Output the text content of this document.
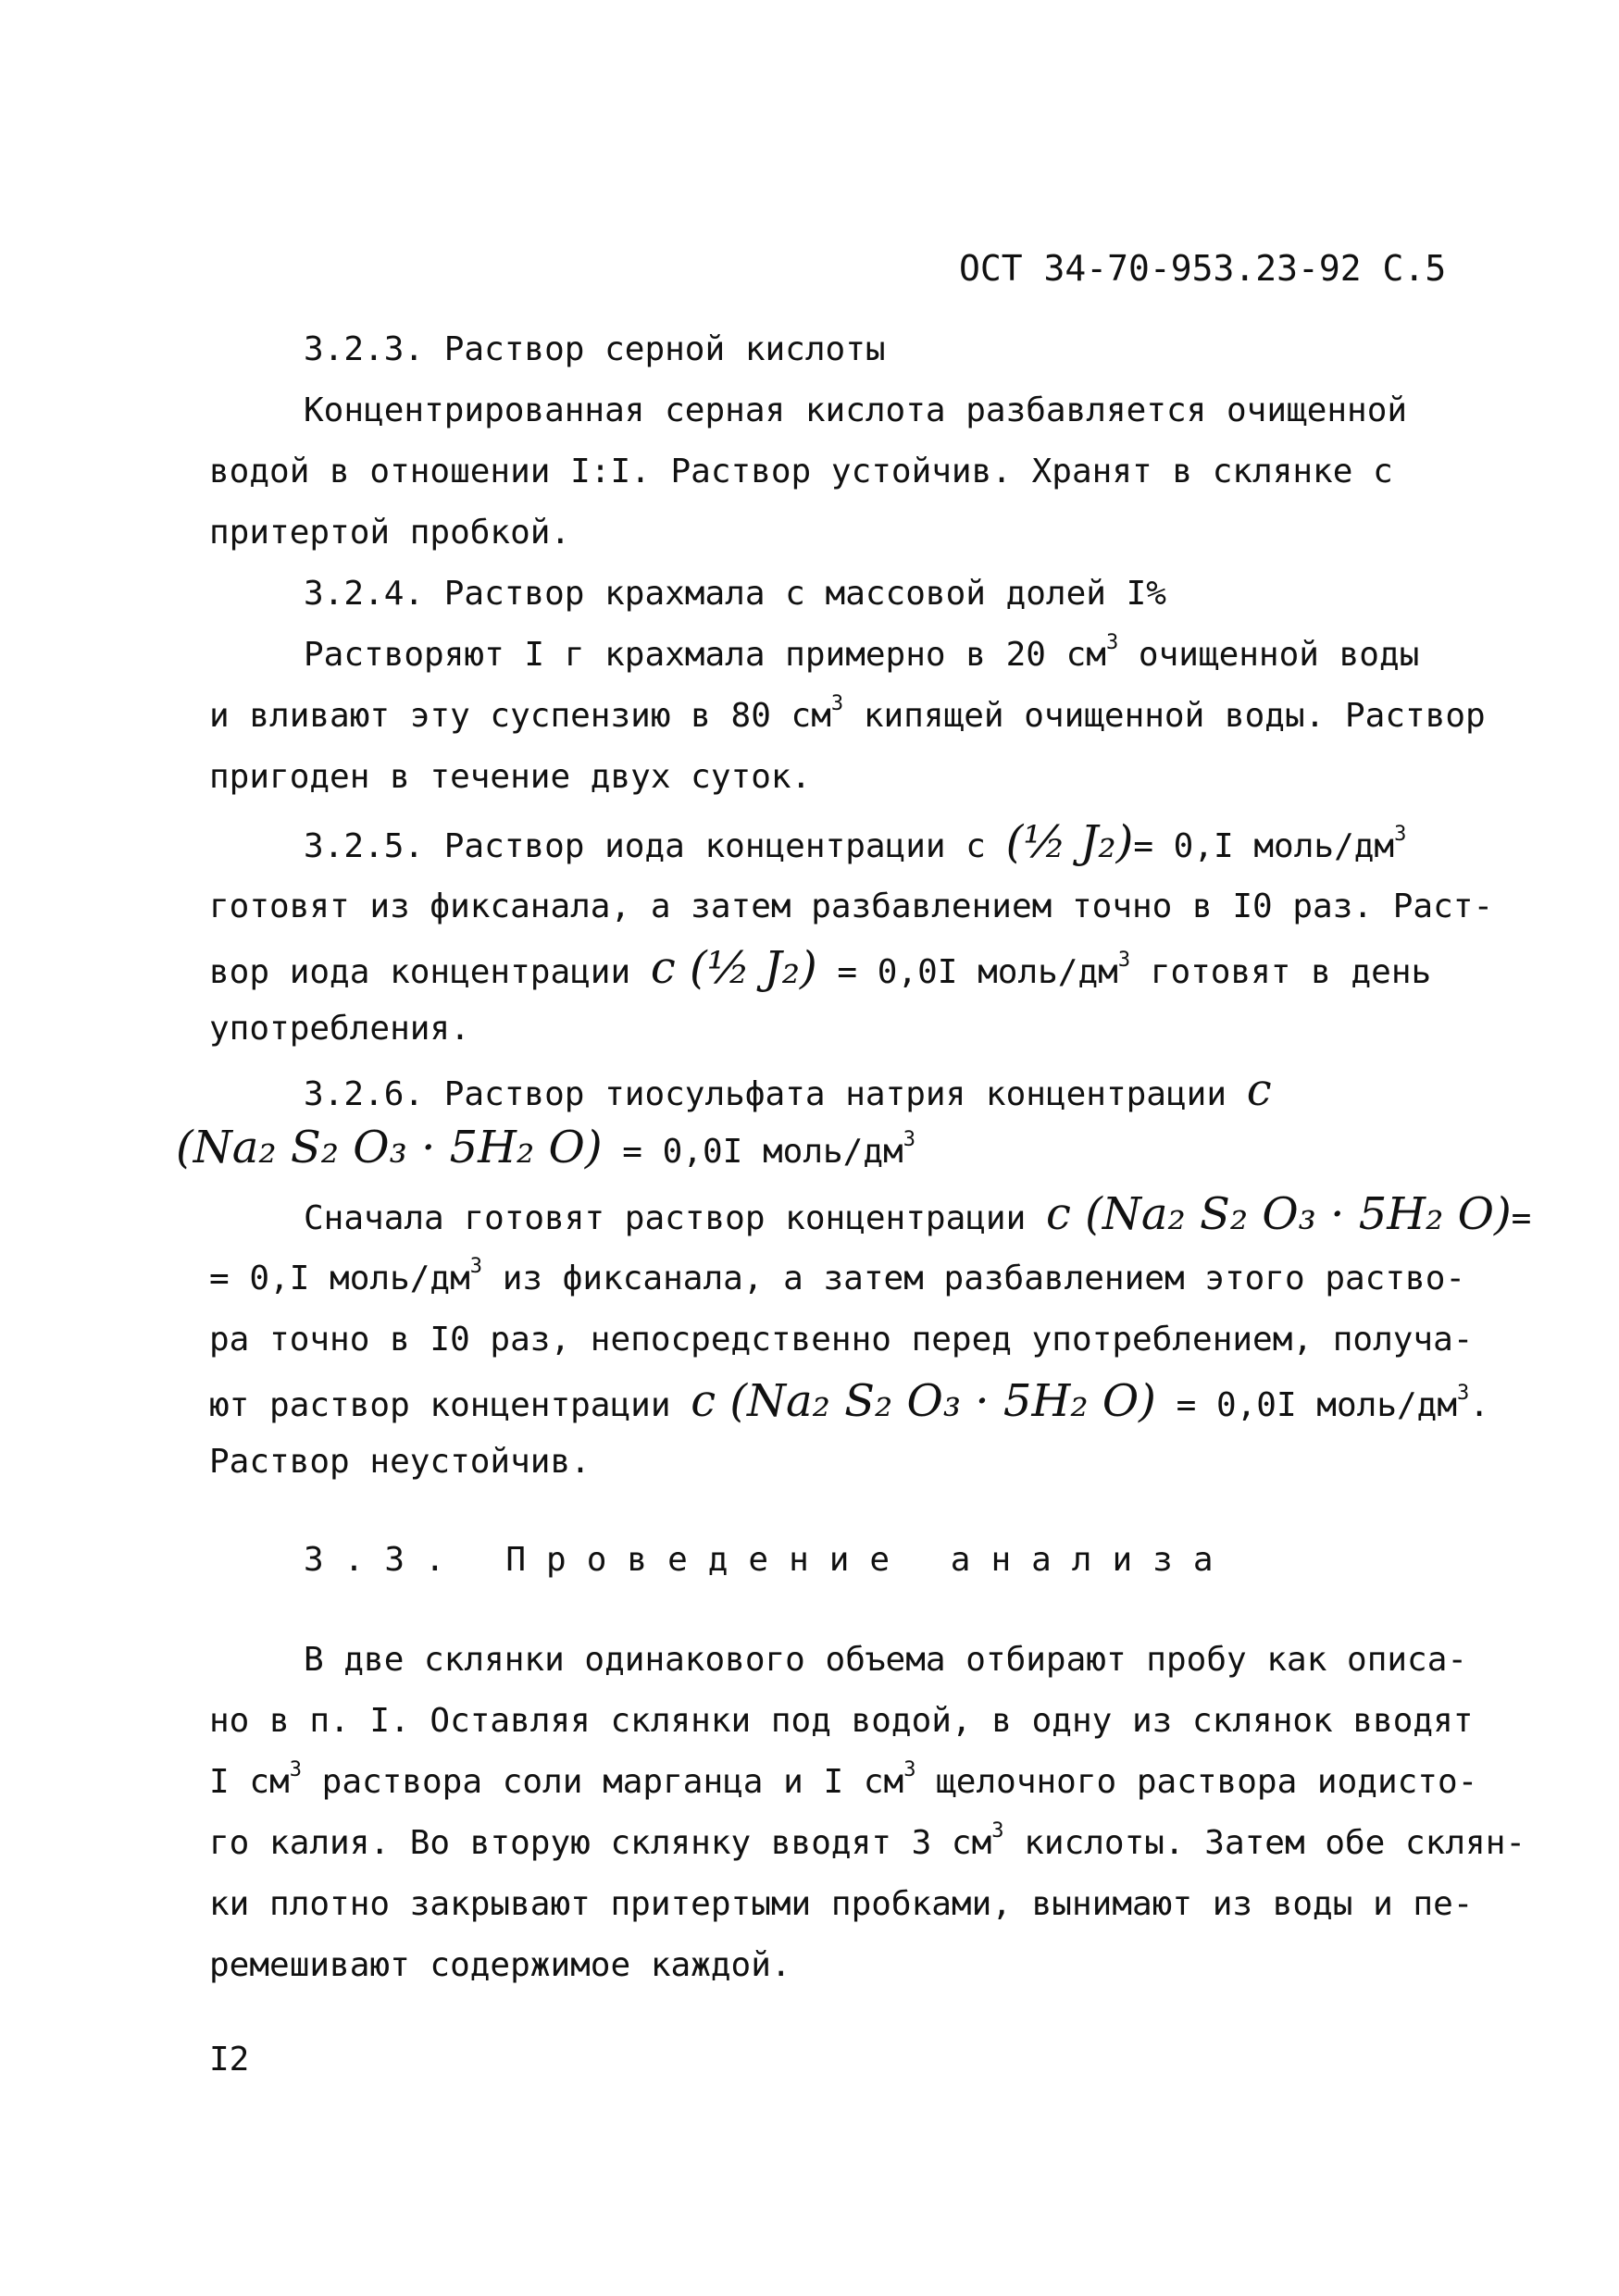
ОСТ 34-70-953.23-92 С.5
3.2.3. Раствор серной кислоты
Концентрированная серная кислота разбавляется очищенной
водой в отношении I:I. Раствор устойчив. Хранят в склянке с
притертой пробкой.
3.2.4. Раствор крахмала с массовой долей I%
Растворяют I г крахмала примерно в 20 $см^3$ очищенной воды
и вливают эту суспензию в 80 $см^3$ кипящей очищенной воды. Раствор
пригоден в течение двух суток.
3.2.5. Раствор иода концентрации с (½ J₂)= 0,I моль/$дм^3$
готовят из фиксанала, а затем разбавлением точно в I0 раз. Раст-
вор иода концентрации c (½ J₂) = 0,0I моль/$дм^3$ готовят в день
употребления.
3.2.6. Раствор тиосульфата натрия концентрации c
(Na₂ S₂ O₃ · 5H₂ O) = 0,0I моль/$дм^3$
Сначала готовят раствор концентрации c (Na₂ S₂ O₃ · 5H₂ O)=
= 0,I моль/$дм^3$ из фиксанала, а затем разбавлением этого раство-
ра точно в I0 раз, непосредственно перед употреблением, получа-
ют раствор концентрации c (Na₂ S₂ O₃ · 5H₂ O) = 0,0I моль/$дм^3$.
Раствор неустойчив.
3.3. Проведение анализа
В две склянки одинакового объема отбирают пробу как описа-
но в п. I. Оставляя склянки под водой, в одну из склянок вводят
I $см^3$ раствора соли марганца и I $см^3$ щелочного раствора иодисто-
го калия. Во вторую склянку вводят 3 $см^3$ кислоты. Затем обе склян-
ки плотно закрывают притертыми пробками, вынимают из воды и пе-
ремешивают содержимое каждой.
I2
